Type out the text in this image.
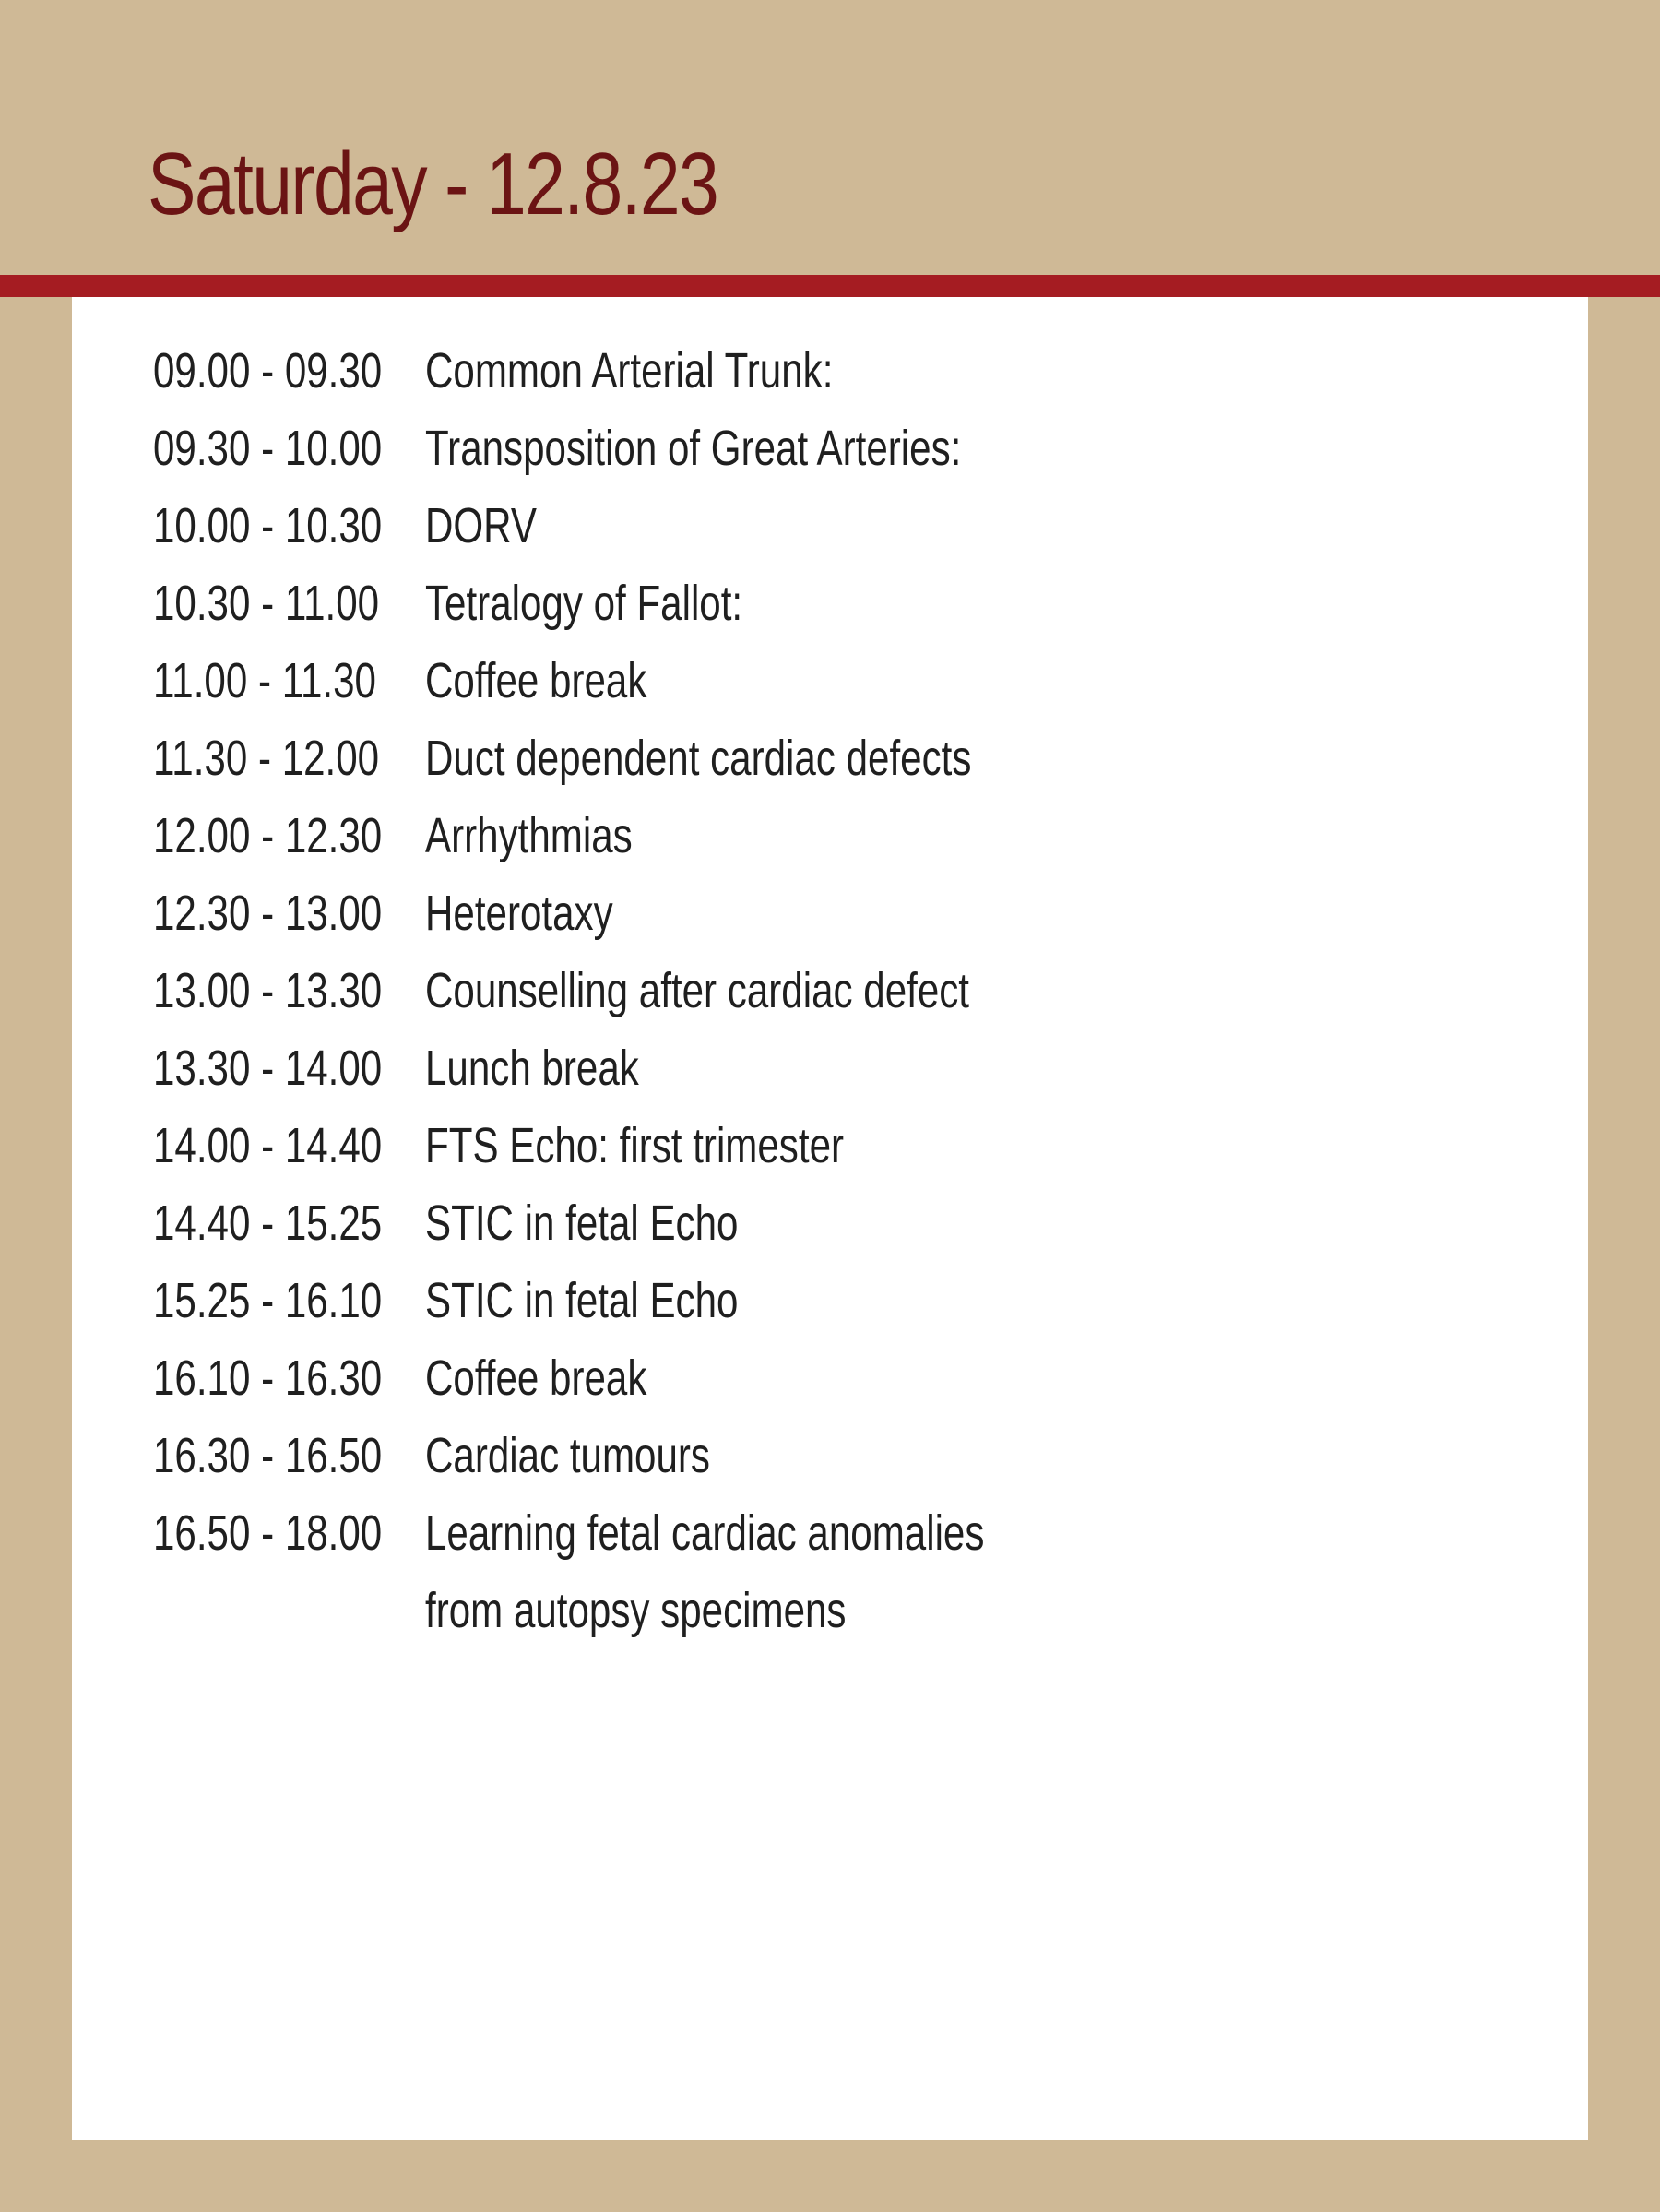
Saturday - 12.8.23
09.00 - 09.30 Common Arterial Trunk:
09.30 - 10.00 Transposition of Great Arteries:
10.00 - 10.30 DORV
10.30 - 11.00 Tetralogy of Fallot:
11.00 - 11.30 Coffee break
11.30 - 12.00 Duct dependent cardiac defects
12.00 - 12.30 Arrhythmias
12.30 - 13.00 Heterotaxy
13.00 - 13.30 Counselling after cardiac defect
13.30 - 14.00 Lunch break
14.00 - 14.40 FTS Echo: first trimester
14.40 - 15.25 STIC in fetal Echo
15.25 - 16.10 STIC in fetal Echo
16.10 - 16.30 Coffee break
16.30 - 16.50 Cardiac tumours
16.50 - 18.00 Learning fetal cardiac anomalies
from autopsy specimens
